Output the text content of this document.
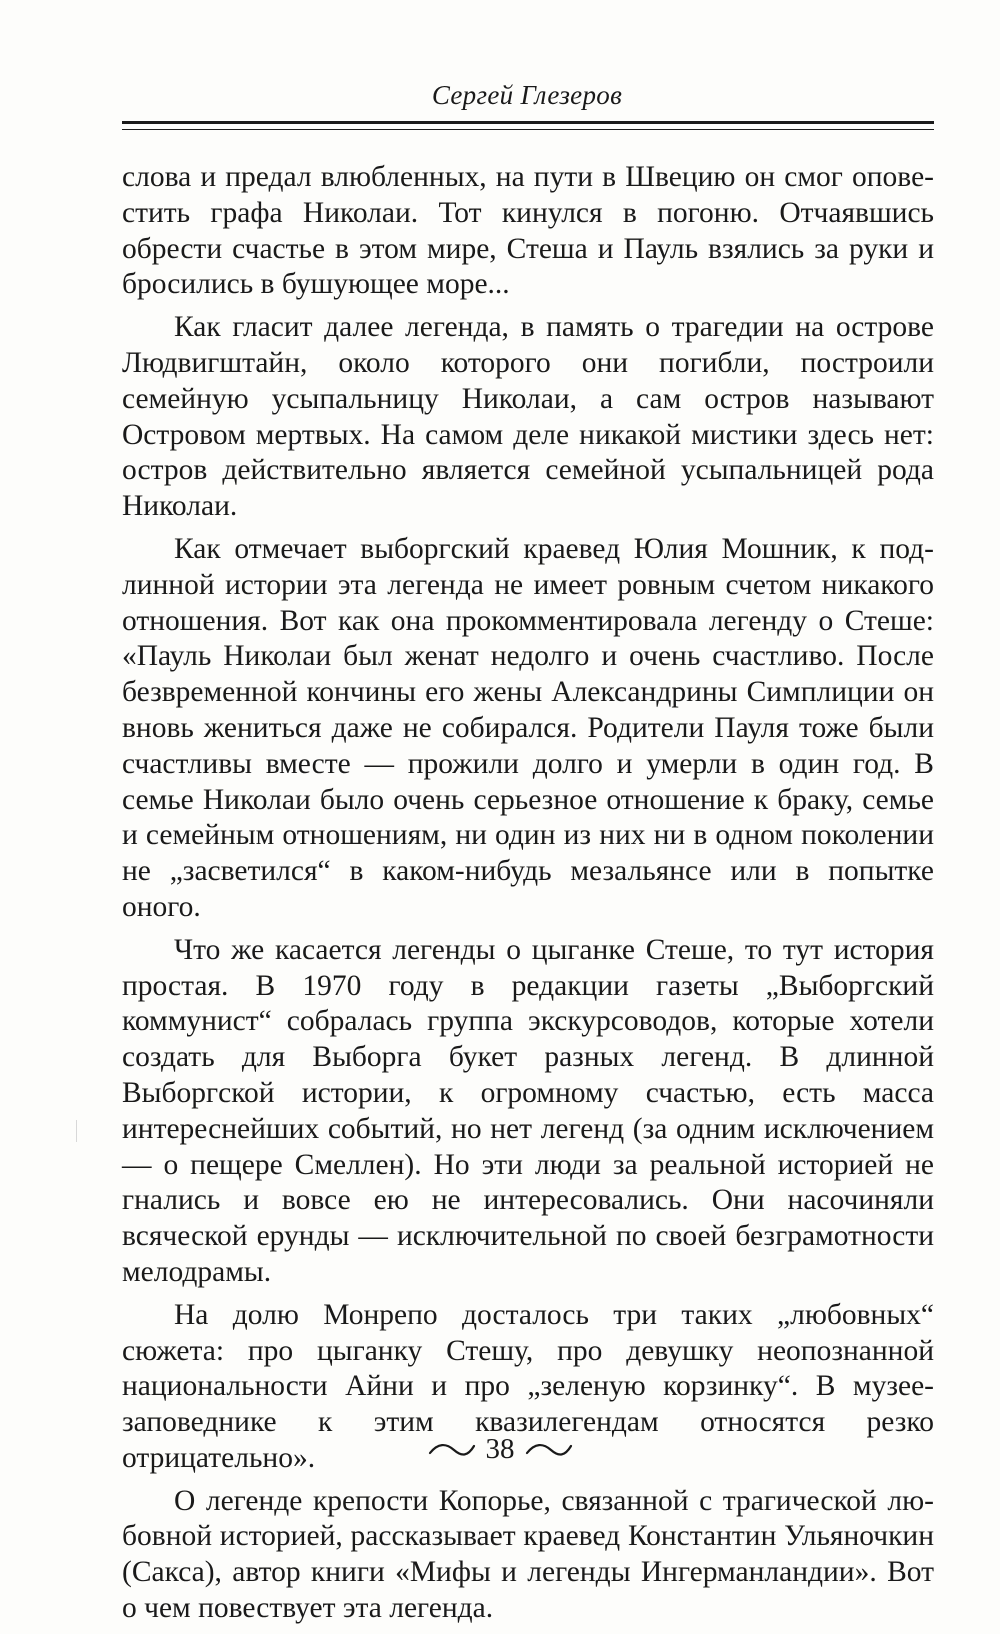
Сергей Глезеров

слова и предал влюбленных, на пути в Швецию он смог оповестить графа Николаи. Тот кинулся в погоню. Отчаявшись обрести счастье в этом мире, Стеша и Пауль взялись за руки и бросились в бушующее море...

Как гласит далее легенда, в память о трагедии на острове Людвигштайн, около которого они погибли, построили семейную усыпальницу Николаи, а сам остров называют Островом мертвых. На самом деле никакой мистики здесь нет: остров действительно является семейной усыпальницей рода Николаи.

Как отмечает выборгский краевед Юлия Мошник, к подлинной истории эта легенда не имеет ровным счетом никакого отношения. Вот как она прокомментировала легенду о Стеше: «Пауль Николаи был женат недолго и очень счастливо. После безвременной кончины его жены Александрины Симплиции он вновь жениться даже не собирался. Родители Пауля тоже были счастливы вместе — прожили долго и умерли в один год. В семье Николаи было очень серьезное отношение к браку, семье и семейным отношениям, ни один из них ни в одном поколении не „засветился“ в каком-нибудь мезальянсе или в попытке оного.

Что же касается легенды о цыганке Стеше, то тут история простая. В 1970 году в редакции газеты „Выборгский коммунист“ собралась группа экскурсоводов, которые хотели создать для Выборга букет разных легенд. В длинной Выборгской истории, к огромному счастью, есть масса интереснейших событий, но нет легенд (за одним исключением — о пещере Смеллен). Но эти люди за реальной историей не гнались и вовсе ею не интересовались. Они насочиняли всяческой ерунды — исключительной по своей безграмотности мелодрамы.

На долю Монрепо досталось три таких „любовных“ сюжета: про цыганку Стешу, про девушку неопознанной национальности Айни и про „зеленую корзинку“. В музее-заповеднике к этим квазилегендам относятся резко отрицательно».

О легенде крепости Копорье, связанной с трагической любовной историей, рассказывает краевед Константин Ульяночкин (Сакса), автор книги «Мифы и легенды Ингерманландии». Вот о чем повествует эта легенда.

38
